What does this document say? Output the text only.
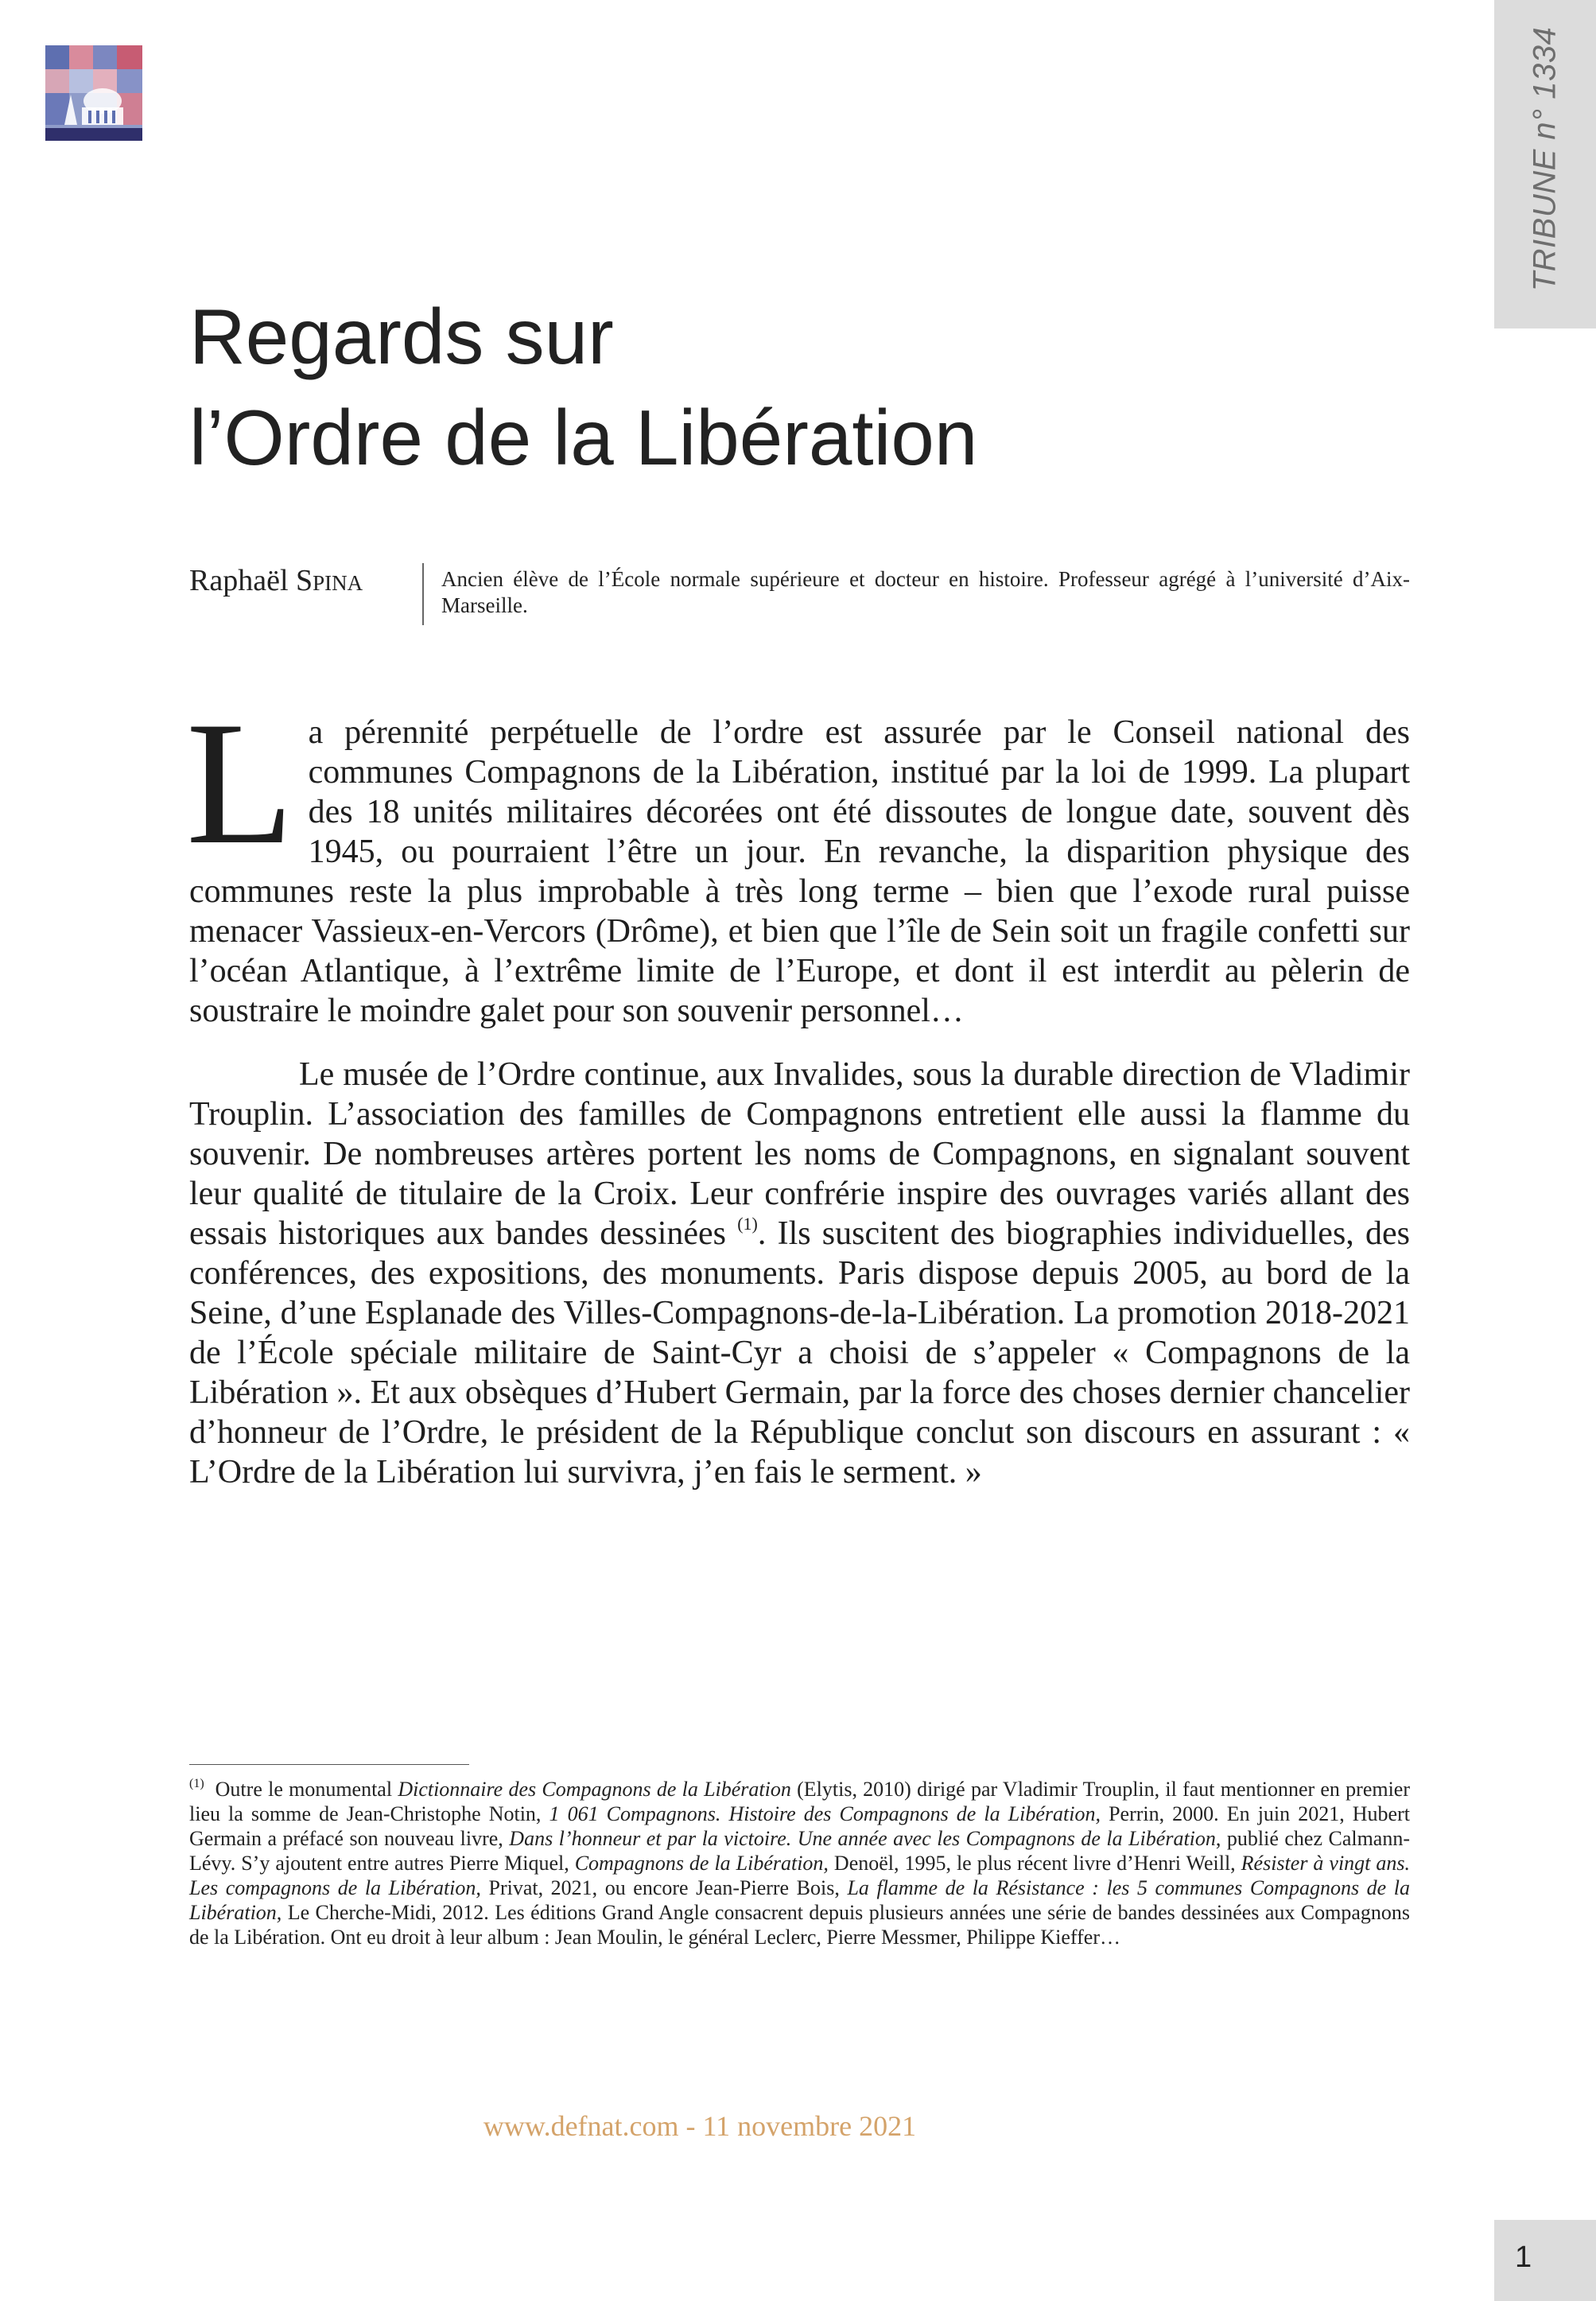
TRIBUNE n° 1334
Regards sur
l’Ordre de la Libération
Raphaël Spina	Ancien élève de l’École normale supérieure et docteur en histoire. Professeur agrégé à l’université d’Aix-Marseille.

La pérennité perpétuelle de l’ordre est assurée par le Conseil national des communes Compagnons de la Libération, institué par la loi de 1999. La plupart des 18 unités militaires décorées ont été dissoutes de longue date, souvent dès 1945, ou pourraient l’être un jour. En revanche, la disparition physique des communes reste la plus improbable à très long terme – bien que l’exode rural puisse menacer Vassieux-en-Vercors (Drôme), et bien que l’île de Sein soit un fragile confetti sur l’océan Atlantique, à l’extrême limite de l’Europe, et dont il est interdit au pèlerin de soustraire le moindre galet pour son souvenir personnel…

Le musée de l’Ordre continue, aux Invalides, sous la durable direction de Vladimir Trouplin. L’association des familles de Compagnons entretient elle aussi la flamme du souvenir. De nombreuses artères portent les noms de Compagnons, en signalant souvent leur qualité de titulaire de la Croix. Leur confrérie inspire des ouvrages variés allant des essais historiques aux bandes dessinées $^{(1)}$. Ils suscitent des biographies individuelles, des conférences, des expositions, des monuments. Paris dispose depuis 2005, au bord de la Seine, d’une Esplanade des Villes-Compagnons-de-la-Libération. La promotion 2018-2021 de l’École spéciale militaire de Saint-Cyr a choisi de s’appeler « Compagnons de la Libération ». Et aux obsèques d’Hubert Germain, par la force des choses dernier chancelier d’honneur de l’Ordre, le président de la République conclut son discours en assurant : « L’Ordre de la Libération lui survivra, j’en fais le serment. »

$^{(1)}$ Outre le monumental Dictionnaire des Compagnons de la Libération (Elytis, 2010) dirigé par Vladimir Trouplin, il faut mentionner en premier lieu la somme de Jean-Christophe Notin, 1 061 Compagnons. Histoire des Compagnons de la Libération, Perrin, 2000. En juin 2021, Hubert Germain a préfacé son nouveau livre, Dans l’honneur et par la victoire. Une année avec les Compagnons de la Libération, publié chez Calmann-Lévy. S’y ajoutent entre autres Pierre Miquel, Compagnons de la Libération, Denoël, 1995, le plus récent livre d’Henri Weill, Résister à vingt ans. Les compagnons de la Libération, Privat, 2021, ou encore Jean-Pierre Bois, La flamme de la Résistance : les 5 communes Compagnons de la Libération, Le Cherche-Midi, 2012. Les éditions Grand Angle consacrent depuis plusieurs années une série de bandes dessinées aux Compagnons de la Libération. Ont eu droit à leur album : Jean Moulin, le général Leclerc, Pierre Messmer, Philippe Kieffer…

www.defnat.com - 11 novembre 2021
1
